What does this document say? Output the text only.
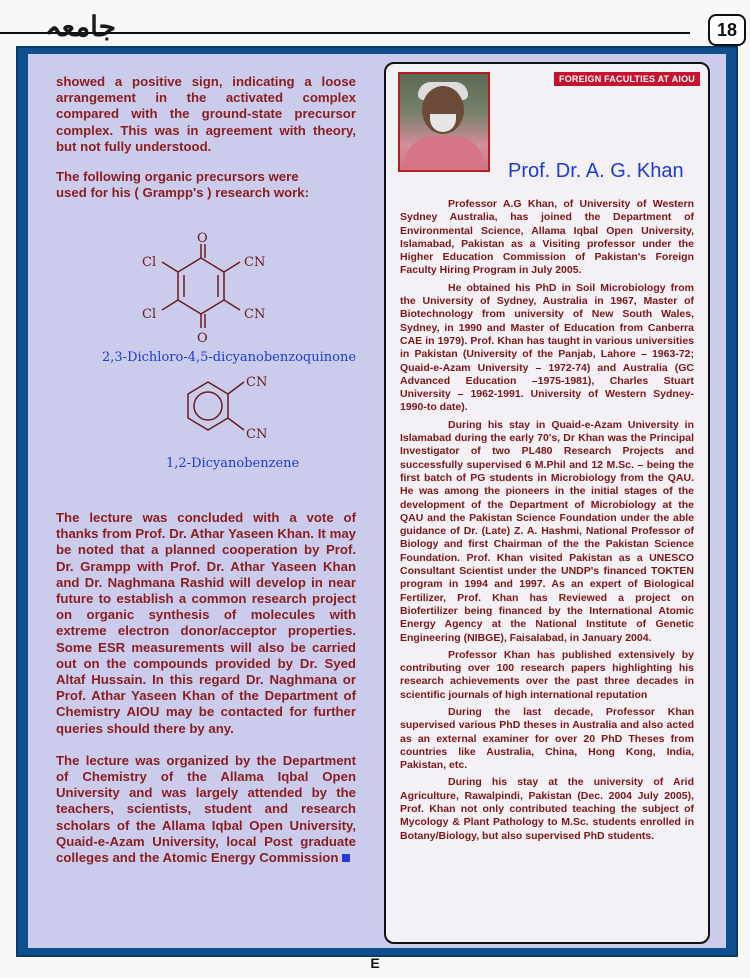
جامعہ	18

showed a positive sign, indicating a loose arrangement in the activated complex compared with the ground-state precursor complex. This was in agreement with theory, but not fully understood.

The following organic precursors were used for his ( Grampp's ) research work:

O
O
Cl
Cl
CN
CN
CN
CN
2,3-Dichloro-4,5-dicyanobenzoquinone
1,2-Dicyanobenzene

The lecture was concluded with a vote of thanks from Prof. Dr. Athar Yaseen Khan. It may be noted that a planned cooperation by Prof. Dr. Grampp with Prof. Dr. Athar Yaseen Khan and Dr. Naghmana Rashid will develop in near future to establish a common research project on organic synthesis of molecules with extreme electron donor/acceptor properties. Some ESR measurements will also be carried out on the compounds provided by Dr. Syed Altaf Hussain. In this regard Dr. Naghmana or Prof. Athar Yaseen Khan of the Department of Chemistry AIOU may be contacted for further queries should there by any.

The lecture was organized by the Department of Chemistry of the Allama Iqbal Open University and was largely attended by the teachers, scientists, student and research scholars of the Allama Iqbal Open University, Quaid-e-Azam University, local Post graduate colleges and the Atomic Energy Commission

FOREIGN FACULTIES AT AIOU
Prof. Dr. A. G. Khan

Professor A.G Khan, of University of Western Sydney Australia, has joined the Department of Environmental Science, Allama Iqbal Open University, Islamabad, Pakistan as a Visiting professor under the Higher Education Commission of Pakistan's Foreign Faculty Hiring Program in July 2005.

He obtained his PhD in Soil Microbiology from the University of Sydney, Australia in 1967, Master of Biotechnology from university of New South Wales, Sydney, in 1990 and Master of Education from Canberra CAE in 1979). Prof. Khan has taught in various universities in Pakistan (University of the Panjab, Lahore – 1963-72; Quaid-e-Azam University – 1972-74) and Australia (GC Advanced Education –1975-1981), Charles Stuart University – 1962-1991. University of Western Sydney-1990-to date).

During his stay in Quaid-e-Azam University in Islamabad during the early 70's, Dr Khan was the Principal Investigator of two PL480 Research Projects and successfully supervised 6 M.Phil and 12 M.Sc. – being the first batch of PG students in Microbiology from the QAU. He was among the pioneers in the initial stages of the development of the Department of Microbiology at the QAU and the Pakistan Science Foundation under the able guidance of Dr. (Late) Z. A. Hashmi, National Professor of Biology and first Chairman of the the Pakistan Science Foundation. Prof. Khan visited Pakistan as a UNESCO Consultant Scientist under the UNDP's financed TOKTEN program in 1994 and 1997. As an expert of Biological Fertilizer, Prof. Khan has Reviewed a project on Biofertilizer being financed by the International Atomic Energy Agency at the National Institute of Genetic Engineering (NIBGE), Faisalabad, in January 2004.

Professor Khan has published extensively by contributing over 100 research papers highlighting his research achievements over the past three decades in scientific journals of high international reputation

During the last decade, Professor Khan supervised various PhD theses in Australia and also acted as an external examiner for over 20 PhD Theses from countries like Australia, China, Hong Kong, India, Pakistan, etc.

During his stay at the university of Arid Agriculture, Rawalpindi, Pakistan (Dec. 2004 July 2005), Prof. Khan not only contributed teaching the subject of Mycology & Plant Pathology to M.Sc. students enrolled in Botany/Biology, but also supervised PhD students.

E
